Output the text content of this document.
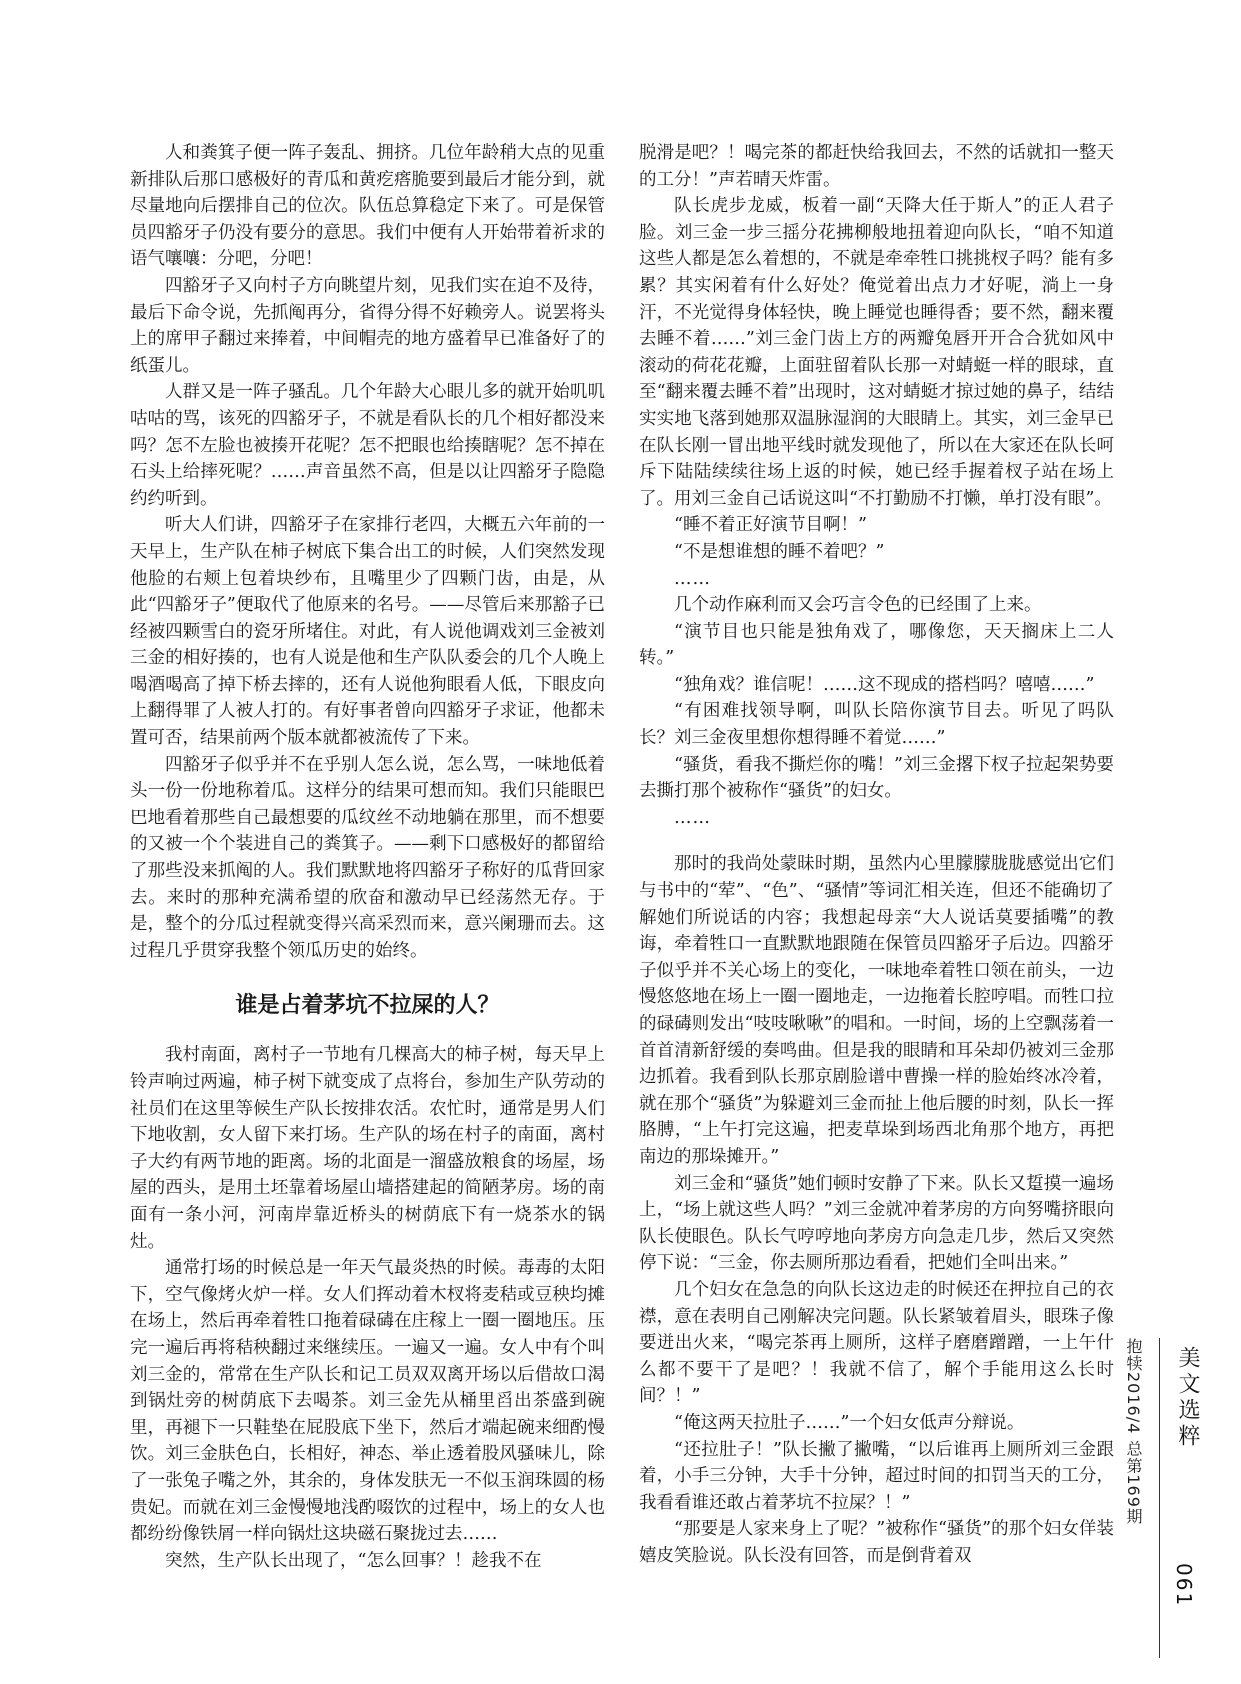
人和粪箕子便一阵子轰乱、拥挤。几位年龄稍大点的见重新排队后那口感极好的青瓜和黄疙瘩脆要到最后才能分到，就尽量地向后摆排自己的位次。队伍总算稳定下来了。可是保管员四豁牙子仍没有要分的意思。我们中便有人开始带着祈求的语气嚷嚷：分吧，分吧！

四豁牙子又向村子方向眺望片刻，见我们实在迫不及待，最后下命令说，先抓阄再分，省得分得不好赖旁人。说罢将头上的席甲子翻过来捧着，中间帽壳的地方盛着早已准备好了的纸蛋儿。

人群又是一阵子骚乱。几个年龄大心眼儿多的就开始叽叽咕咕的骂，该死的四豁牙子，不就是看队长的几个相好都没来吗？怎不左脸也被揍开花呢？怎不把眼也给揍瞎呢？怎不掉在石头上给摔死呢？……声音虽然不高，但是以让四豁牙子隐隐约约听到。

听大人们讲，四豁牙子在家排行老四，大概五六年前的一天早上，生产队在柿子树底下集合出工的时候，人们突然发现他脸的右颊上包着块纱布，且嘴里少了四颗门齿，由是，从此“四豁牙子”便取代了他原来的名号。——尽管后来那豁子已经被四颗雪白的瓷牙所堵住。对此，有人说他调戏刘三金被刘三金的相好揍的，也有人说是他和生产队队委会的几个人晚上喝酒喝高了掉下桥去摔的，还有人说他狗眼看人低，下眼皮向上翻得罪了人被人打的。有好事者曾向四豁牙子求证，他都未置可否，结果前两个版本就都被流传了下来。

四豁牙子似乎并不在乎别人怎么说，怎么骂，一味地低着头一份一份地称着瓜。这样分的结果可想而知。我们只能眼巴巴地看着那些自己最想要的瓜纹丝不动地躺在那里，而不想要的又被一个个装进自己的粪箕子。——剩下口感极好的都留给了那些没来抓阄的人。我们默默地将四豁牙子称好的瓜背回家去。来时的那种充满希望的欣奋和激动早已经荡然无存。于是，整个的分瓜过程就变得兴高采烈而来，意兴阑珊而去。这过程几乎贯穿我整个领瓜历史的始终。

谁是占着茅坑不拉屎的人？

我村南面，离村子一节地有几棵高大的柿子树，每天早上铃声响过两遍，柿子树下就变成了点将台，参加生产队劳动的社员们在这里等候生产队长按排农活。农忙时，通常是男人们下地收割，女人留下来打场。生产队的场在村子的南面，离村子大约有两节地的距离。场的北面是一溜盛放粮食的场屋，场屋的西头，是用土坯靠着场屋山墙搭建起的简陋茅房。场的南面有一条小河，河南岸靠近桥头的树荫底下有一烧茶水的锅灶。

通常打场的时候总是一年天气最炎热的时候。毒毒的太阳下，空气像烤火炉一样。女人们挥动着木杈将麦秸或豆秧均摊在场上，然后再牵着牲口拖着碌碡在庄稼上一圈一圈地压。压完一遍后再将秸秧翻过来继续压。一遍又一遍。女人中有个叫刘三金的，常常在生产队长和记工员双双离开场以后借故口渴到锅灶旁的树荫底下去喝茶。刘三金先从桶里舀出茶盛到碗里，再褪下一只鞋垫在屁股底下坐下，然后才端起碗来细酌慢饮。刘三金肤色白，长相好，神态、举止透着股风骚味儿，除了一张兔子嘴之外，其余的，身体发肤无一不似玉润珠圆的杨贵妃。而就在刘三金慢慢地浅酌啜饮的过程中，场上的女人也都纷纷像铁屑一样向锅灶这块磁石聚拢过去……

突然，生产队长出现了，“怎么回事？！趁我不在

脱滑是吧？！喝完茶的都赶快给我回去，不然的话就扣一整天的工分！”声若晴天炸雷。

队长虎步龙威，板着一副“天降大任于斯人”的正人君子脸。刘三金一步三摇分花拂柳般地扭着迎向队长，“咱不知道这些人都是怎么着想的，不就是牵牵牲口挑挑杈子吗？能有多累？其实闲着有什么好处？俺觉着出点力才好呢，淌上一身汗，不光觉得身体轻快，晚上睡觉也睡得香；要不然，翻来覆去睡不着……”刘三金门齿上方的两瓣兔唇开开合合犹如风中滚动的荷花花瓣，上面驻留着队长那一对蜻蜓一样的眼球，直至“翻来覆去睡不着”出现时，这对蜻蜓才掠过她的鼻子，结结实实地飞落到她那双温脉湿润的大眼睛上。其实，刘三金早已在队长刚一冒出地平线时就发现他了，所以在大家还在队长呵斥下陆陆续续往场上返的时候，她已经手握着杈子站在场上了。用刘三金自己话说这叫“不打勤励不打懒，单打没有眼”。

“睡不着正好演节目啊！”

“不是想谁想的睡不着吧？”

……

几个动作麻利而又会巧言令色的已经围了上来。

“演节目也只能是独角戏了，哪像您，天天搁床上二人转。”

“独角戏？谁信呢！……这不现成的搭档吗？嘻嘻……”

“有困难找领导啊，叫队长陪你演节目去。听见了吗队长？刘三金夜里想你想得睡不着觉……”

“骚货，看我不撕烂你的嘴！”刘三金撂下杈子拉起架势要去撕打那个被称作“骚货”的妇女。

……

那时的我尚处蒙昧时期，虽然内心里朦朦胧胧感觉出它们与书中的“荤”、“色”、“骚情”等词汇相关连，但还不能确切了解她们所说话的内容；我想起母亲“大人说话莫要插嘴”的教诲，牵着牲口一直默默地跟随在保管员四豁牙子后边。四豁牙子似乎并不关心场上的变化，一味地牵着牲口领在前头，一边慢悠悠地在场上一圈一圈地走，一边拖着长腔哼唱。而牲口拉的碌碡则发出“吱吱啾啾”的唱和。一时间，场的上空飘荡着一首首清新舒缓的奏鸣曲。但是我的眼睛和耳朵却仍被刘三金那边抓着。我看到队长那京剧脸谱中曹操一样的脸始终冰冷着，就在那个“骚货”为躲避刘三金而扯上他后腰的时刻，队长一挥胳膊，“上午打完这遍，把麦草垛到场西北角那个地方，再把南边的那垛摊开。”

刘三金和“骚货”她们顿时安静了下来。队长又踅摸一遍场上，“场上就这些人吗？”刘三金就冲着茅房的方向努嘴挤眼向队长使眼色。队长气哼哼地向茅房方向急走几步，然后又突然停下说：“三金，你去厕所那边看看，把她们全叫出来。”

几个妇女在急急的向队长这边走的时候还在押拉自己的衣襟，意在表明自己刚解决完问题。队长紧皱着眉头，眼珠子像要迸出火来，“喝完茶再上厕所，这样子磨磨蹭蹭，一上午什么都不要干了是吧？！我就不信了，解个手能用这么长时间？！”

“俺这两天拉肚子……”一个妇女低声分辩说。

“还拉肚子！”队长撇了撇嘴，“以后谁再上厕所刘三金跟着，小手三分钟，大手十分钟，超过时间的扣罚当天的工分，我看看谁还敢占着茅坑不拉屎？！”

“那要是人家来身上了呢？”被称作“骚货”的那个妇女佯装嬉皮笑脸说。队长没有回答，而是倒背着双

抱犊2016/4 总第169期 美文选粹
061
